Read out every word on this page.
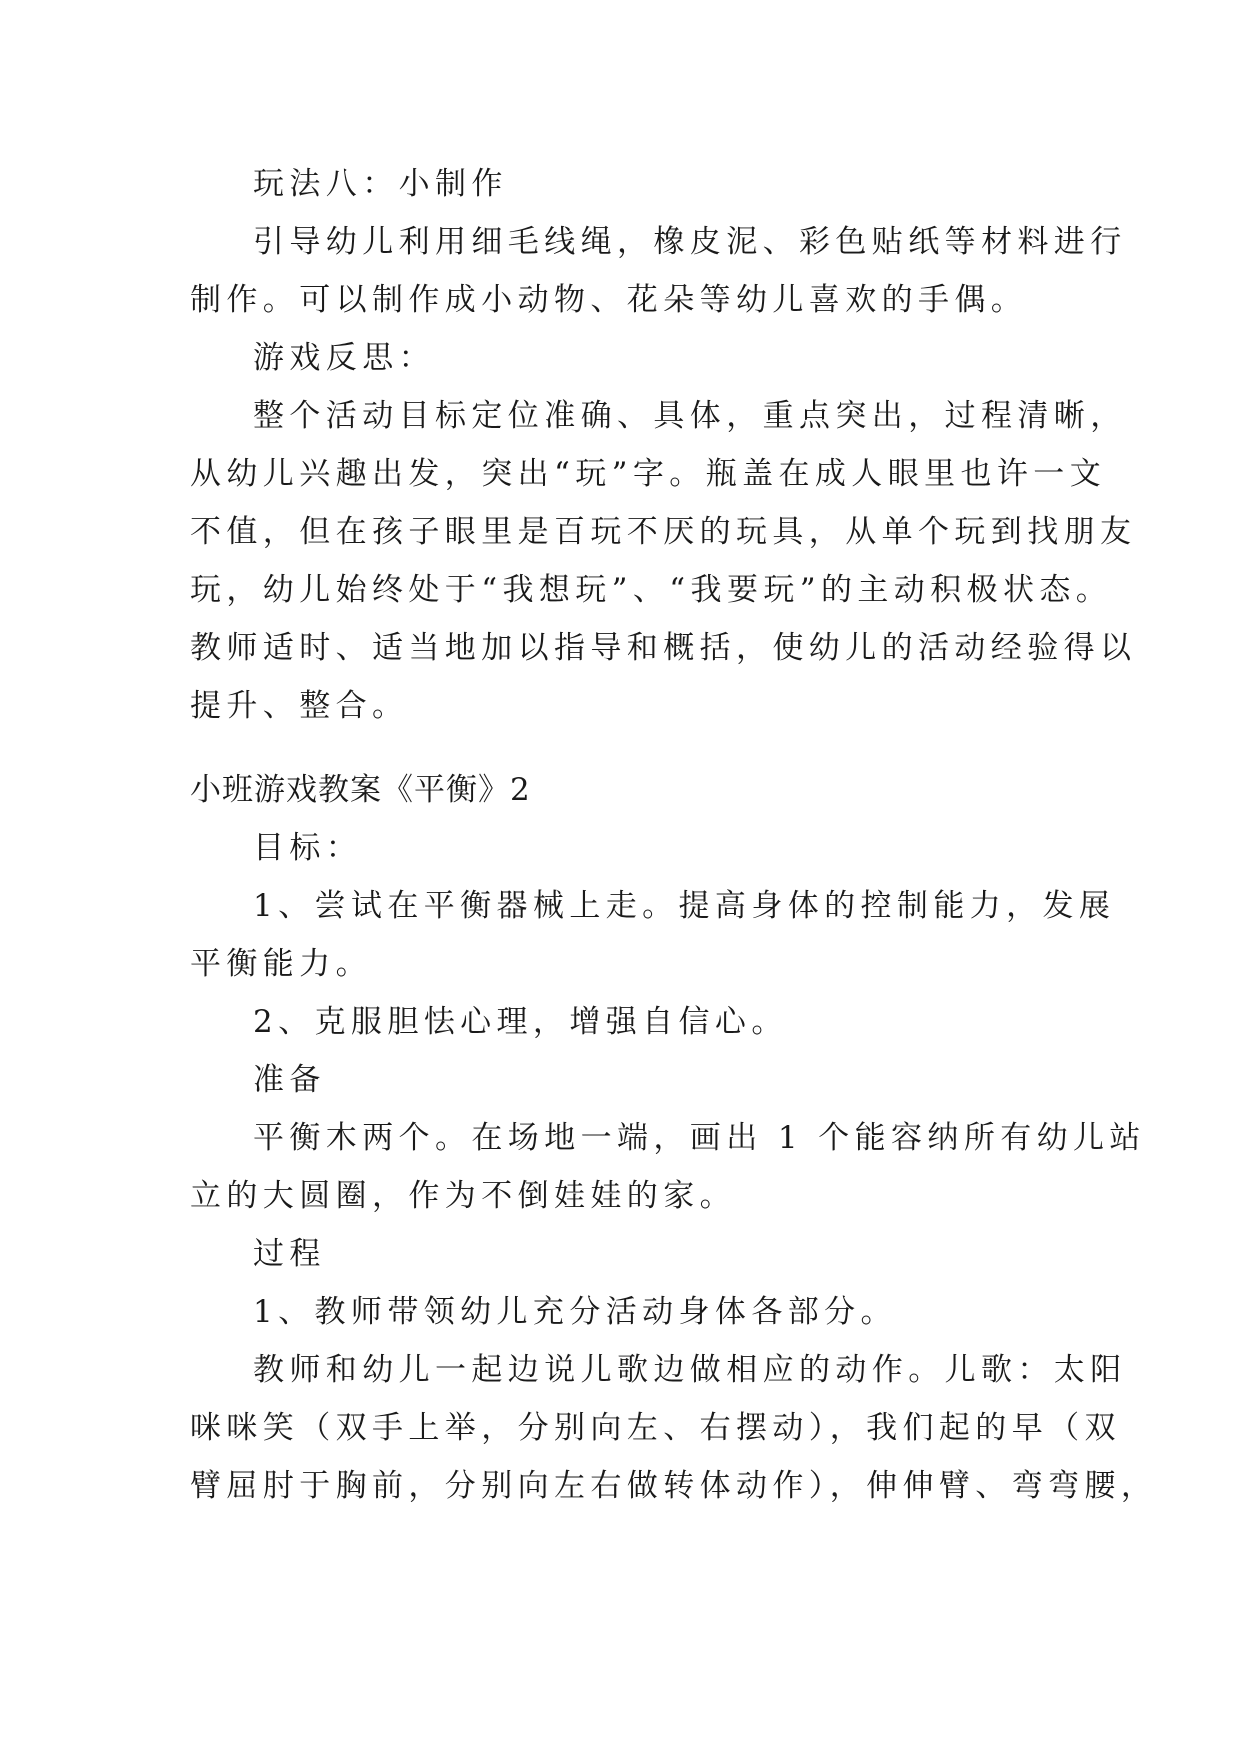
玩法八：小制作
引导幼儿利用细毛线绳，橡皮泥、彩色贴纸等材料进行
制作。可以制作成小动物、花朵等幼儿喜欢的手偶。
游戏反思：
整个活动目标定位准确、具体，重点突出，过程清晰，
从幼儿兴趣出发，突出“玩”字。瓶盖在成人眼里也许一文
不值，但在孩子眼里是百玩不厌的玩具，从单个玩到找朋友
玩，幼儿始终处于“我想玩”、“我要玩”的主动积极状态。
教师适时、适当地加以指导和概括，使幼儿的活动经验得以
提升、整合。
小班游戏教案《平衡》2
目标：
1、尝试在平衡器械上走。提高身体的控制能力，发展
平衡能力。
2、克服胆怯心理，增强自信心。
准备
平衡木两个。在场地一端，画出 1 个能容纳所有幼儿站
立的大圆圈，作为不倒娃娃的家。
过程
1、教师带领幼儿充分活动身体各部分。
教师和幼儿一起边说儿歌边做相应的动作。儿歌：太阳
咪咪笑（双手上举，分别向左、右摆动），我们起的早（双
臂屈肘于胸前，分别向左右做转体动作），伸伸臂、弯弯腰，
